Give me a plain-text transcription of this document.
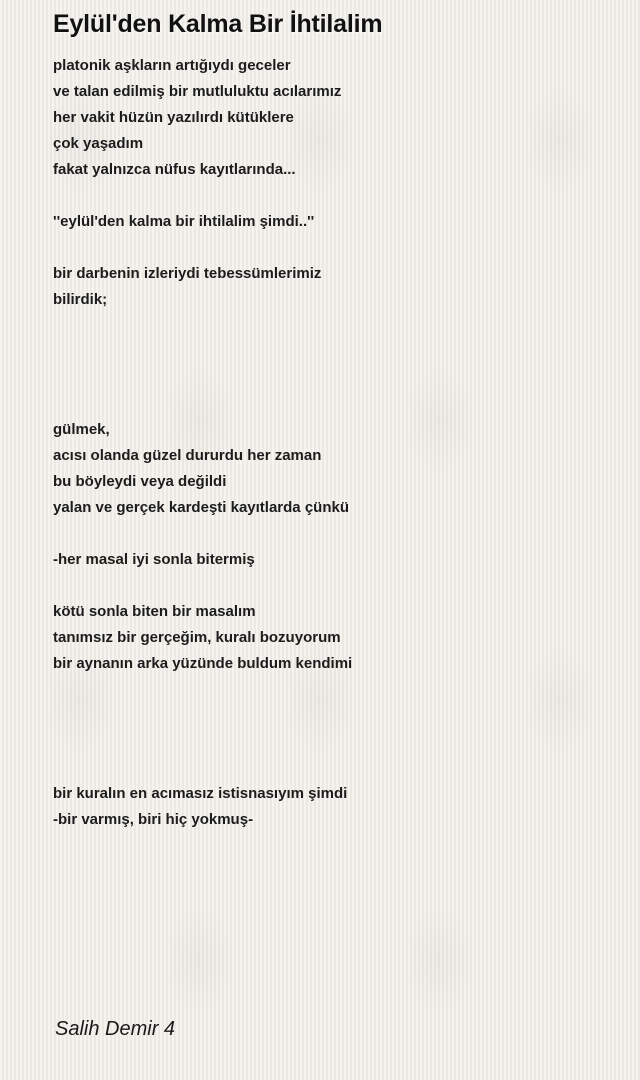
Eylül'den Kalma Bir İhtilalim
platonik aşkların artığıydı geceler
ve talan edilmiş bir mutluluktu acılarımız
her vakit hüzün yazılırdı kütüklere
çok yaşadım
fakat yalnızca nüfus kayıtlarında...
''eylül'den kalma bir ihtilalim şimdi..''
bir darbenin izleriydi tebessümlerimiz
bilirdik;
gülmek,
acısı olanda güzel dururdu her zaman
bu böyleydi veya değildi
yalan ve gerçek kardeşti kayıtlarda çünkü
-her masal iyi sonla bitermiş
kötü sonla biten bir masalım
tanımsız bir gerçeğim, kuralı bozuyorum
bir aynanın arka yüzünde buldum kendimi
bir kuralın en acımasız istisnasıyım şimdi
-bir varmış, biri hiç yokmuş-
Salih Demir 4
